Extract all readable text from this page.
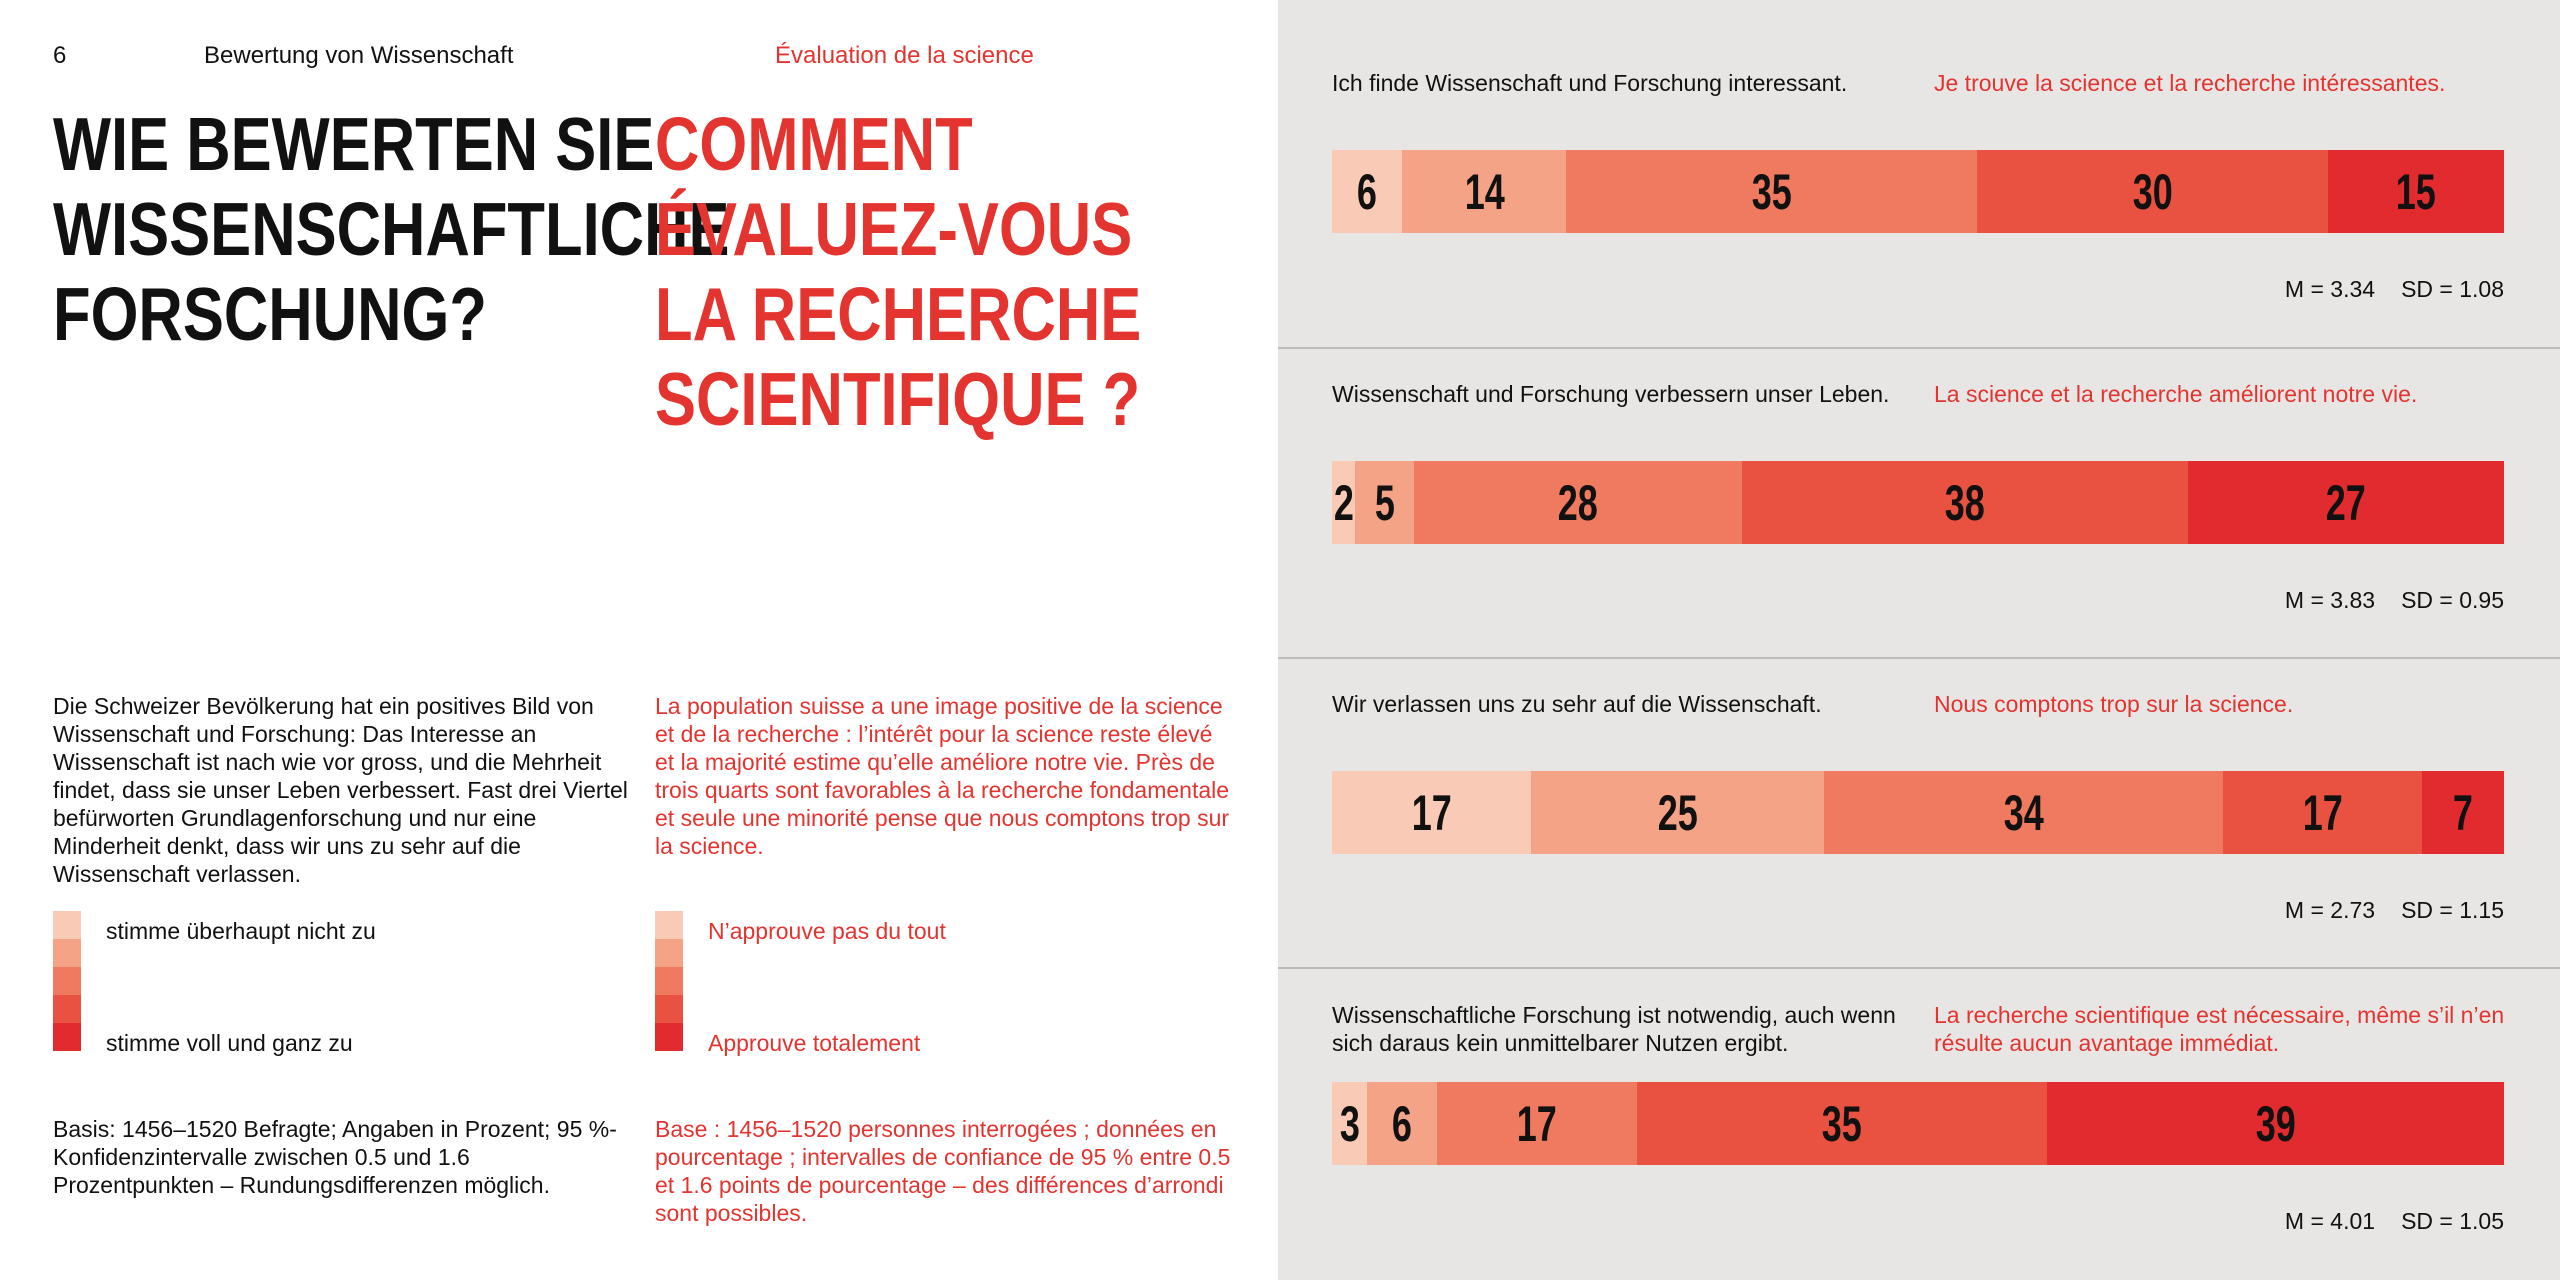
6	Bewertung von Wissenschaft	Évaluation de la science
WIE BEWERTEN SIE
WISSENSCHAFTLICHE
FORSCHUNG?
COMMENT
ÉVALUEZ-VOUS
LA RECHERCHE
SCIENTIFIQUE ?

Die Schweizer Bevölkerung hat ein positives Bild von Wissenschaft und Forschung: Das Interesse an Wissenschaft ist nach wie vor gross, und die Mehrheit findet, dass sie unser Leben verbessert. Fast drei Viertel befürworten Grundlagenforschung und nur eine Minderheit denkt, dass wir uns zu sehr auf die Wissenschaft verlassen.

La population suisse a une image positive de la science et de la recherche : l’intérêt pour la science reste élevé et la majorité estime qu’elle améliore notre vie. Près de trois quarts sont favorables à la recherche fondamentale et seule une minorité pense que nous comptons trop sur la science.

stimme überhaupt nicht zu
stimme voll und ganz zu
N’approuve pas du tout
Approuve totalement

Basis: 1456–1520 Befragte; Angaben in Prozent; 95 %-Konfidenzintervalle zwischen 0.5 und 1.6 Prozentpunkten – Rundungsdifferenzen möglich.

Base : 1456–1520 personnes interrogées ; données en pourcentage ; intervalles de confiance de 95 % entre 0.5 et 1.6 points de pourcentage – des différences d’arrondi sont possibles.

Ich finde Wissenschaft und Forschung interessant.	Je trouve la science et la recherche intéressantes.

6 14	35	30	15
M = 3.34 SD = 1.08

Wissenschaft und Forschung verbessern unser Leben.	La science et la recherche améliorent notre vie.

2 5	28	38	27
M = 3.83 SD = 0.95

Wir verlassen uns zu sehr auf die Wissenschaft.	Nous comptons trop sur la science.

17	25	34	17 7
M = 2.73 SD = 1.15

Wissenschaftliche Forschung ist notwendig, auch wenn sich daraus kein unmittelbarer Nutzen ergibt.

La recherche scientifique est nécessaire, même s’il n’en résulte aucun avantage immédiat.

3 6 17	35	39
M = 4.01 SD = 1.05
